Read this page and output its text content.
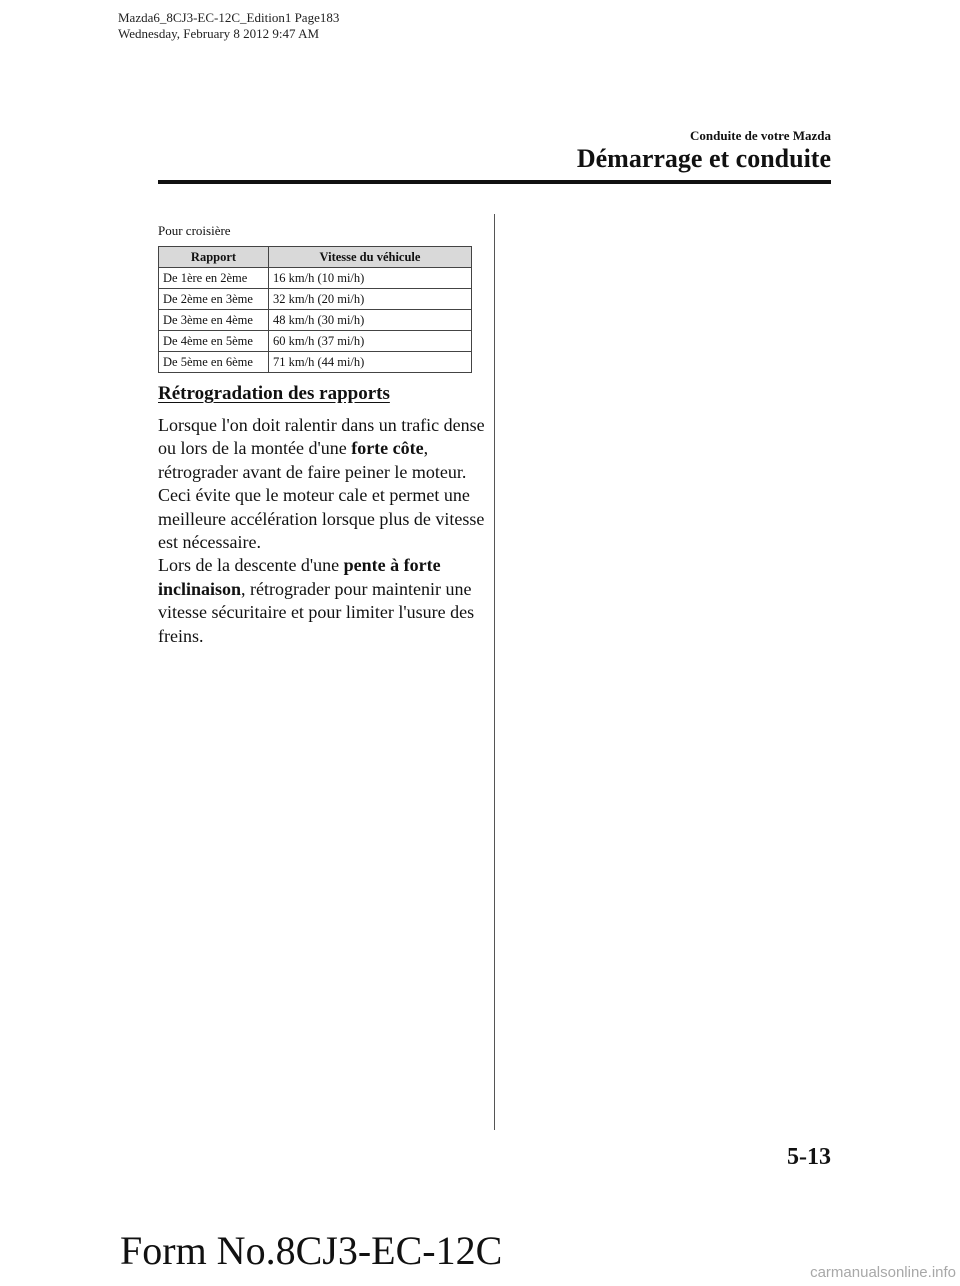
Mazda6_8CJ3-EC-12C_Edition1 Page183
Wednesday, February 8 2012 9:47 AM
Conduite de votre Mazda
Démarrage et conduite
Pour croisière
Rapport	Vitesse du véhicule
De 1ère en 2ème	16 km/h (10 mi/h)
De 2ème en 3ème	32 km/h (20 mi/h)
De 3ème en 4ème	48 km/h (30 mi/h)
De 4ème en 5ème	60 km/h (37 mi/h)
De 5ème en 6ème	71 km/h (44 mi/h)
Rétrogradation des rapports

Lorsque l'on doit ralentir dans un trafic dense ou lors de la montée d'une forte côte, rétrograder avant de faire peiner le moteur. Ceci évite que le moteur cale et permet une meilleure accélération lorsque plus de vitesse est nécessaire.

Lors de la descente d'une pente à forte inclinaison, rétrograder pour maintenir une vitesse sécuritaire et pour limiter l'usure des freins.

5-13
Form No.8CJ3-EC-12C	carmanualsonline.info
